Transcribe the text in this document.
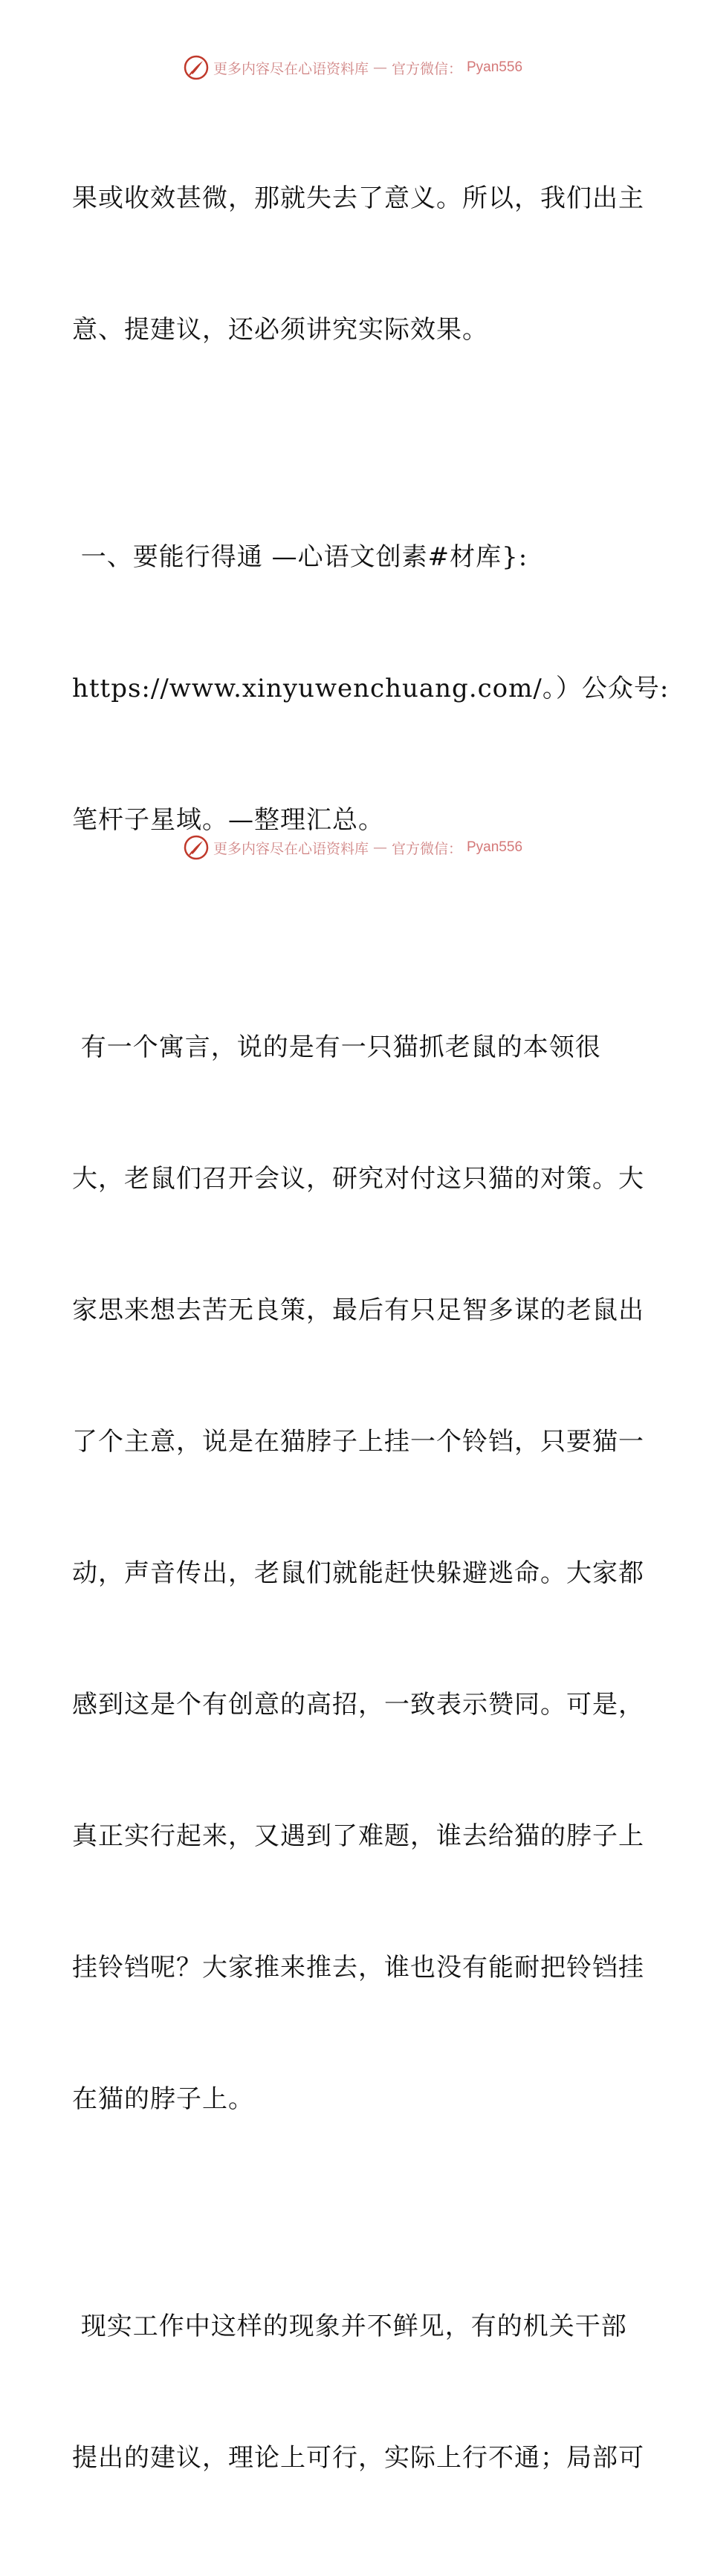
更多内容尽在心语资料库 — 官方微信： Pyan556

果或收效甚微，那就失去了意义。所以，我们出主

意、提建议，还必须讲究实际效果。

一、要能行得通 —心语文创素#材库}:

https://www.xinyuwenchuang.com/。）公众号:

笔杆子星域。—整理汇总。

有一个寓言，说的是有一只猫抓老鼠的本领很

大，老鼠们召开会议，研究对付这只猫的对策。大

家思来想去苦无良策，最后有只足智多谋的老鼠出

了个主意，说是在猫脖子上挂一个铃铛，只要猫一

动，声音传出，老鼠们就能赶快躲避逃命。大家都

感到这是个有创意的高招，一致表示赞同。可是，

真正实行起来，又遇到了难题，谁去给猫的脖子上

挂铃铛呢？大家推来推去，谁也没有能耐把铃铛挂

在猫的脖子上。

现实工作中这样的现象并不鲜见，有的机关干部

提出的建议，理论上可行，实际上行不通；局部可

更多内容尽在心语资料库 — 官方微信： Pyan556
